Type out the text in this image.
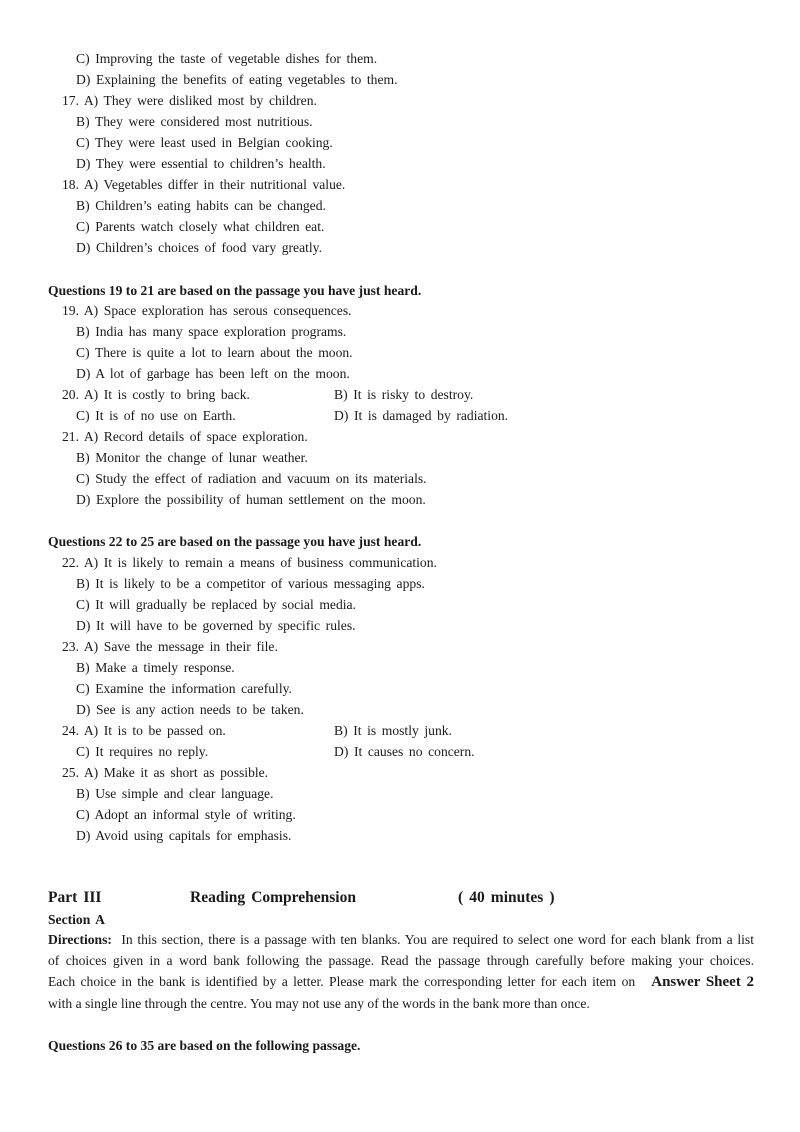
C) Improving the taste of vegetable dishes for them.
D) Explaining the benefits of eating vegetables to them.
17. A) They were disliked most by children.
B) They were considered most nutritious.
C) They were least used in Belgian cooking.
D) They were essential to children’s health.
18. A) Vegetables differ in their nutritional value.
B) Children’s eating habits can be changed.
C) Parents watch closely what children eat.
D) Children’s choices of food vary greatly.
Questions 19 to 21 are based on the passage you have just heard.
19. A) Space exploration has serous consequences.
B) India has many space exploration programs.
C) There is quite a lot to learn about the moon.
D) A lot of garbage has been left on the moon.
20. A) It is costly to bring back.	B) It is risky to destroy.
C) It is of no use on Earth.	D) It is damaged by radiation.
21. A) Record details of space exploration.
B) Monitor the change of lunar weather.
C) Study the effect of radiation and vacuum on its materials.
D) Explore the possibility of human settlement on the moon.
Questions 22 to 25 are based on the passage you have just heard.
22. A) It is likely to remain a means of business communication.
B) It is likely to be a competitor of various messaging apps.
C) It will gradually be replaced by social media.
D) It will have to be governed by specific rules.
23. A) Save the message in their file.
B) Make a timely response.
C) Examine the information carefully.
D) See is any action needs to be taken.
24. A) It is to be passed on.	B) It is mostly junk.
C) It requires no reply.	D) It causes no concern.
25. A) Make it as short as possible.
B) Use simple and clear language.
C) Adopt an informal style of writing.
D) Avoid using capitals for emphasis.
Part III	Reading Comprehension	( 40 minutes )
Section A
Directions: In this section, there is a passage with ten blanks. You are required to select one word for each blank from a list
of choices given in a word bank following the passage. Read the passage through carefully before making your choices.
Each choice in the bank is identified by a letter. Please mark the corresponding letter for each item on Answer Sheet 2
with a single line through the centre. You may not use any of the words in the bank more than once.
Questions 26 to 35 are based on the following passage.
